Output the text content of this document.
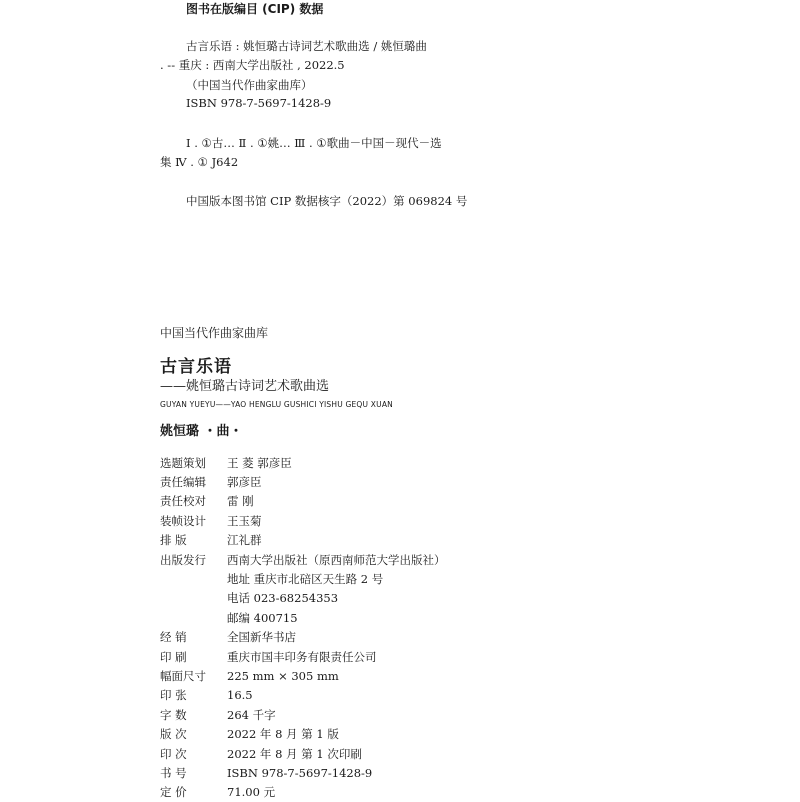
图书在版编目 (CIP) 数据
古言乐语 : 姚恒璐古诗词艺术歌曲选 / 姚恒璐曲
. -- 重庆 : 西南大学出版社 , 2022.5
（中国当代作曲家曲库）
ISBN 978-7-5697-1428-9
Ⅰ . ①古… Ⅱ . ①姚… Ⅲ . ①歌曲－中国－现代－选
集 Ⅳ . ① J642
中国版本图书馆 CIP 数据核字（2022）第 069824 号
中国当代作曲家曲库
古言乐语
——姚恒璐古诗词艺术歌曲选
GUYAN YUEYU——YAO HENGLU GUSHICI YISHU GEQU XUAN
姚恒璐 ・曲・
选题策划	王 菱 郭彦臣
责任编辑	郭彦臣
责任校对	雷 刚
装帧设计	王玉菊
排 版	江礼群
出版发行	西南大学出版社（原西南师范大学出版社）
地址 重庆市北碚区天生路 2 号
电话 023-68254353
邮编 400715
经 销	全国新华书店
印 刷	重庆市国丰印务有限责任公司
幅面尺寸	225 mm × 305 mm
印 张	16.5
字 数	264 千字
版 次	2022 年 8 月 第 1 版
印 次	2022 年 8 月 第 1 次印刷
书 号	ISBN 978-7-5697-1428-9
定 价	71.00 元
